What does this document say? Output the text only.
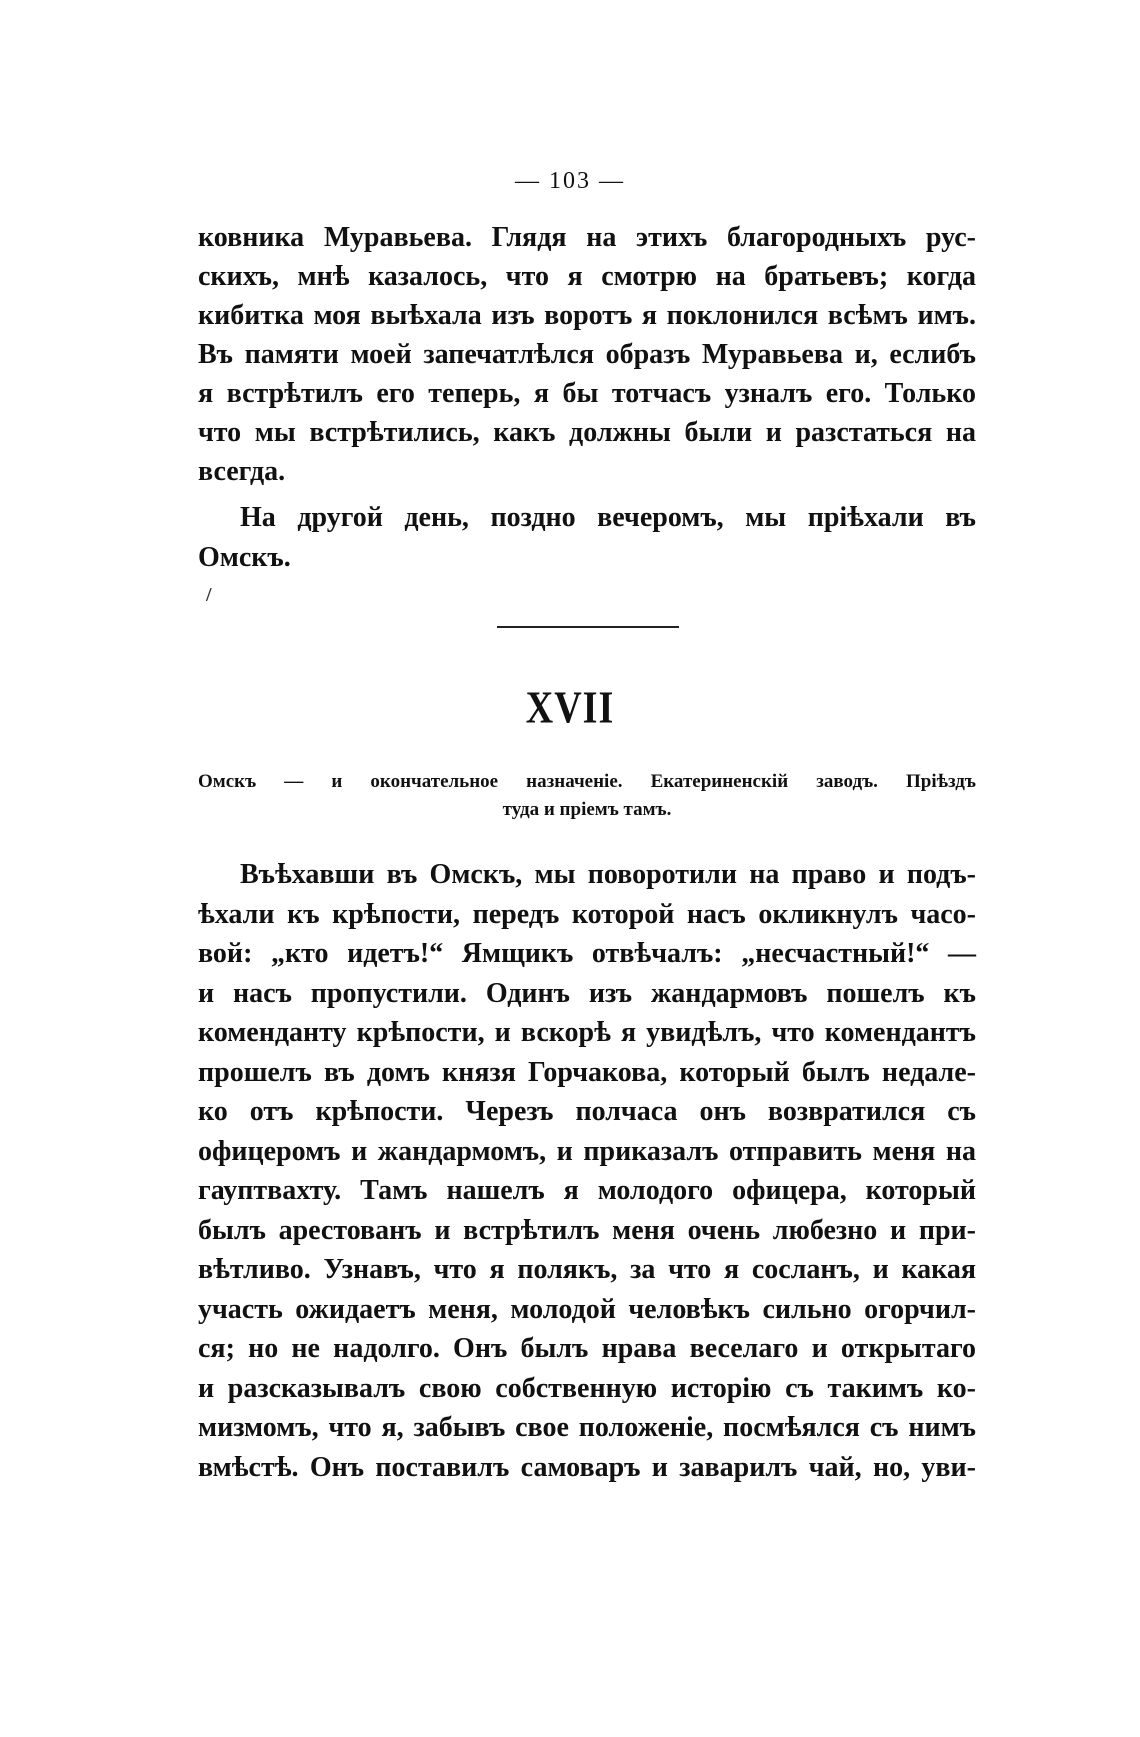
— 103 —
ковника Муравьева. Глядя на этихъ благородныхъ рус-
скихъ, мнѣ казалось, что я смотрю на братьевъ; когда
кибитка моя выѣхала изъ воротъ я поклонился всѣмъ имъ.
Въ памяти моей запечатлѣлся образъ Муравьева и, еслибъ
я встрѣтилъ его теперь, я бы тотчасъ узналъ его. Только
что мы встрѣтились, какъ должны были и разстаться на
всегда.
На другой день, поздно вечеромъ, мы пріѣхали въ
Омскъ.
/
XVII
Омскъ — и окончательное назначеніе. Екатериненскій заводъ. Пріѣздъ
туда и пріемъ тамъ.
Въѣхавши въ Омскъ, мы поворотили на право и подъ-
ѣхали къ крѣпости, передъ которой насъ окликнулъ часо-
вой: „кто идетъ!“ Ямщикъ отвѣчалъ: „несчастный!“ —
и насъ пропустили. Одинъ изъ жандармовъ пошелъ къ
коменданту крѣпости, и вскорѣ я увидѣлъ, что комендантъ
прошелъ въ домъ князя Горчакова, который былъ недале-
ко отъ крѣпости. Черезъ полчаса онъ возвратился съ
офицеромъ и жандармомъ, и приказалъ отправить меня на
гауптвахту. Тамъ нашелъ я молодого офицера, который
былъ арестованъ и встрѣтилъ меня очень любезно и при-
вѣтливо. Узнавъ, что я полякъ, за что я сосланъ, и какая
участь ожидаетъ меня, молодой человѣкъ сильно огорчил-
ся; но не надолго. Онъ былъ нрава веселаго и открытаго
и разсказывалъ свою собственную исторію съ такимъ ко-
мизмомъ, что я, забывъ свое положеніе, посмѣялся съ нимъ
вмѣстѣ. Онъ поставилъ самоваръ и заварилъ чай, но, уви-
